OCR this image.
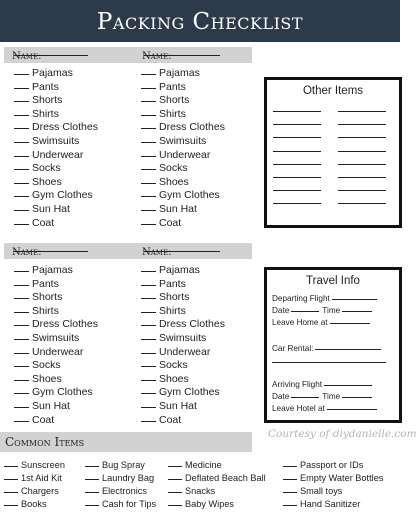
Packing Checklist
Name:	Name:
Pajamas
Pants
Shorts
Shirts
Dress Clothes
Swimsuits
Underwear
Socks
Shoes
Gym Clothes
Sun Hat
Coat
Pajamas
Pants
Shorts
Shirts
Dress Clothes
Swimsuits
Underwear
Socks
Shoes
Gym Clothes
Sun Hat
Coat
Name:	Name:
Pajamas
Pants
Shorts
Shirts
Dress Clothes
Swimsuits
Underwear
Socks
Shoes
Gym Clothes
Sun Hat
Coat
Pajamas
Pants
Shorts
Shirts
Dress Clothes
Swimsuits
Underwear
Socks
Shoes
Gym Clothes
Sun Hat
Coat
Other Items
Travel Info
Departing Flight
Date	Time
Leave Home at
Car Rental:
Arriving Flight
Date	Time
Leave Hotel at
Common Items
Courtesy of diydanielle.com
Sunscreen
1st Aid Kit
Chargers
Books
Bug Spray
Laundry Bag
Electronics
Cash for Tips
Medicine
Deflated Beach Ball
Snacks
Baby Wipes
Passport or IDs
Empty Water Bottles
Small toys
Hand Sanitizer
